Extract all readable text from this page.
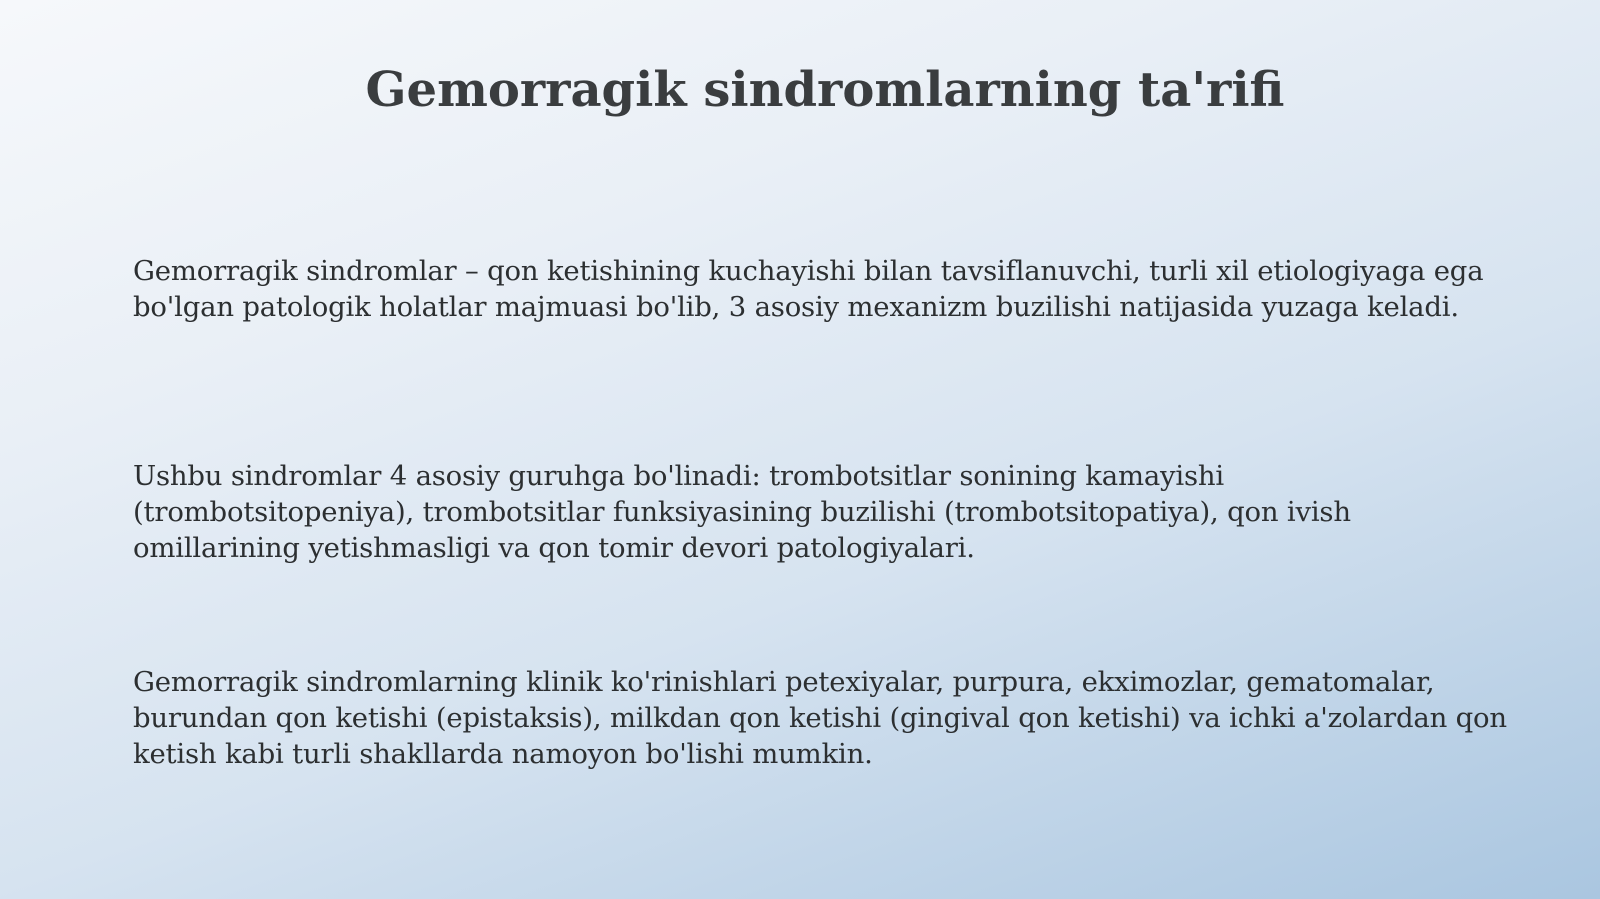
Gemorragik sindromlarning ta'rifi

Gemorragik sindromlar – qon ketishining kuchayishi bilan tavsiflanuvchi, turli xil etiologiyaga ega bo'lgan patologik holatlar majmuasi bo'lib, 3 asosiy mexanizm buzilishi natijasida yuzaga keladi.

Ushbu sindromlar 4 asosiy guruhga bo'linadi: trombotsitlar sonining kamayishi (trombotsitopeniya), trombotsitlar funksiyasining buzilishi (trombotsitopatiya), qon ivish omillarining yetishmasligi va qon tomir devori patologiyalari.

Gemorragik sindromlarning klinik ko'rinishlari petexiyalar, purpura, ekximozlar, gematomalar, burundan qon ketishi (epistaksis), milkdan qon ketishi (gingival qon ketishi) va ichki a'zolardan qon ketish kabi turli shakllarda namoyon bo'lishi mumkin.
